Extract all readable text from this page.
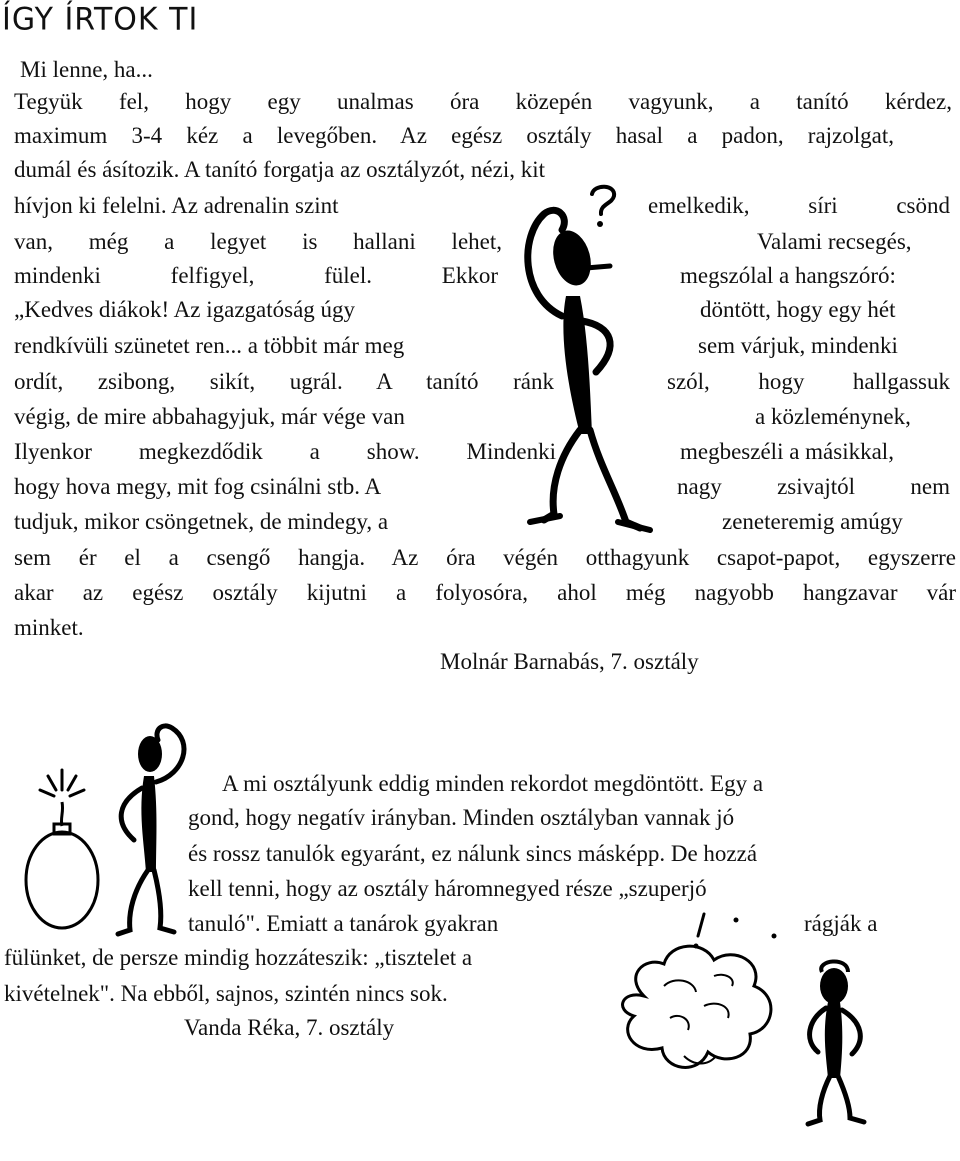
ÍGY ÍRTOK TI
Mi lenne, ha...
Tegyük fel, hogy egy unalmas óra közepén vagyunk, a tanító kérdez,
maximum 3-4 kéz a levegőben. Az egész osztály hasal a padon, rajzolgat,
dumál és ásítozik. A tanító forgatja az osztályzót, nézi, kit
hívjon ki felelni. Az adrenalin szint	emelkedik, síri csönd
van, még a legyet is hallani lehet,	Valami recsegés,
mindenki felfigyel, fülel. Ekkor	megszólal a hangszóró:
„Kedves diákok! Az igazgatóság úgy	döntött, hogy egy hét
rendkívüli szünetet ren... a többit már meg	sem várjuk, mindenki
ordít, zsibong, sikít, ugrál. A tanító ránk	szól, hogy hallgassuk
végig, de mire abbahagyjuk, már vége van	a közleménynek,
Ilyenkor megkezdődik a show. Mindenki	megbeszéli a másikkal,
hogy hova megy, mit fog csinálni stb. A	nagy zsivajtól nem
tudjuk, mikor csöngetnek, de mindegy, a	zeneteremig amúgy
sem ér el a csengő hangja. Az óra végén otthagyunk csapot-papot, egyszerre
akar az egész osztály kijutni a folyosóra, ahol még nagyobb hangzavar vár
minket.
Molnár Barnabás, 7. osztály
A mi osztályunk eddig minden rekordot megdöntött. Egy a
gond, hogy negatív irányban. Minden osztályban vannak jó
és rossz tanulók egyaránt, ez nálunk sincs másképp. De hozzá
kell tenni, hogy az osztály háromnegyed része „szuperjó
tanuló". Emiatt a tanárok gyakran	rágják a
fülünket, de persze mindig hozzáteszik: „tisztelet a
kivételnek". Na ebből, sajnos, szintén nincs sok.
Vanda Réka, 7. osztály
